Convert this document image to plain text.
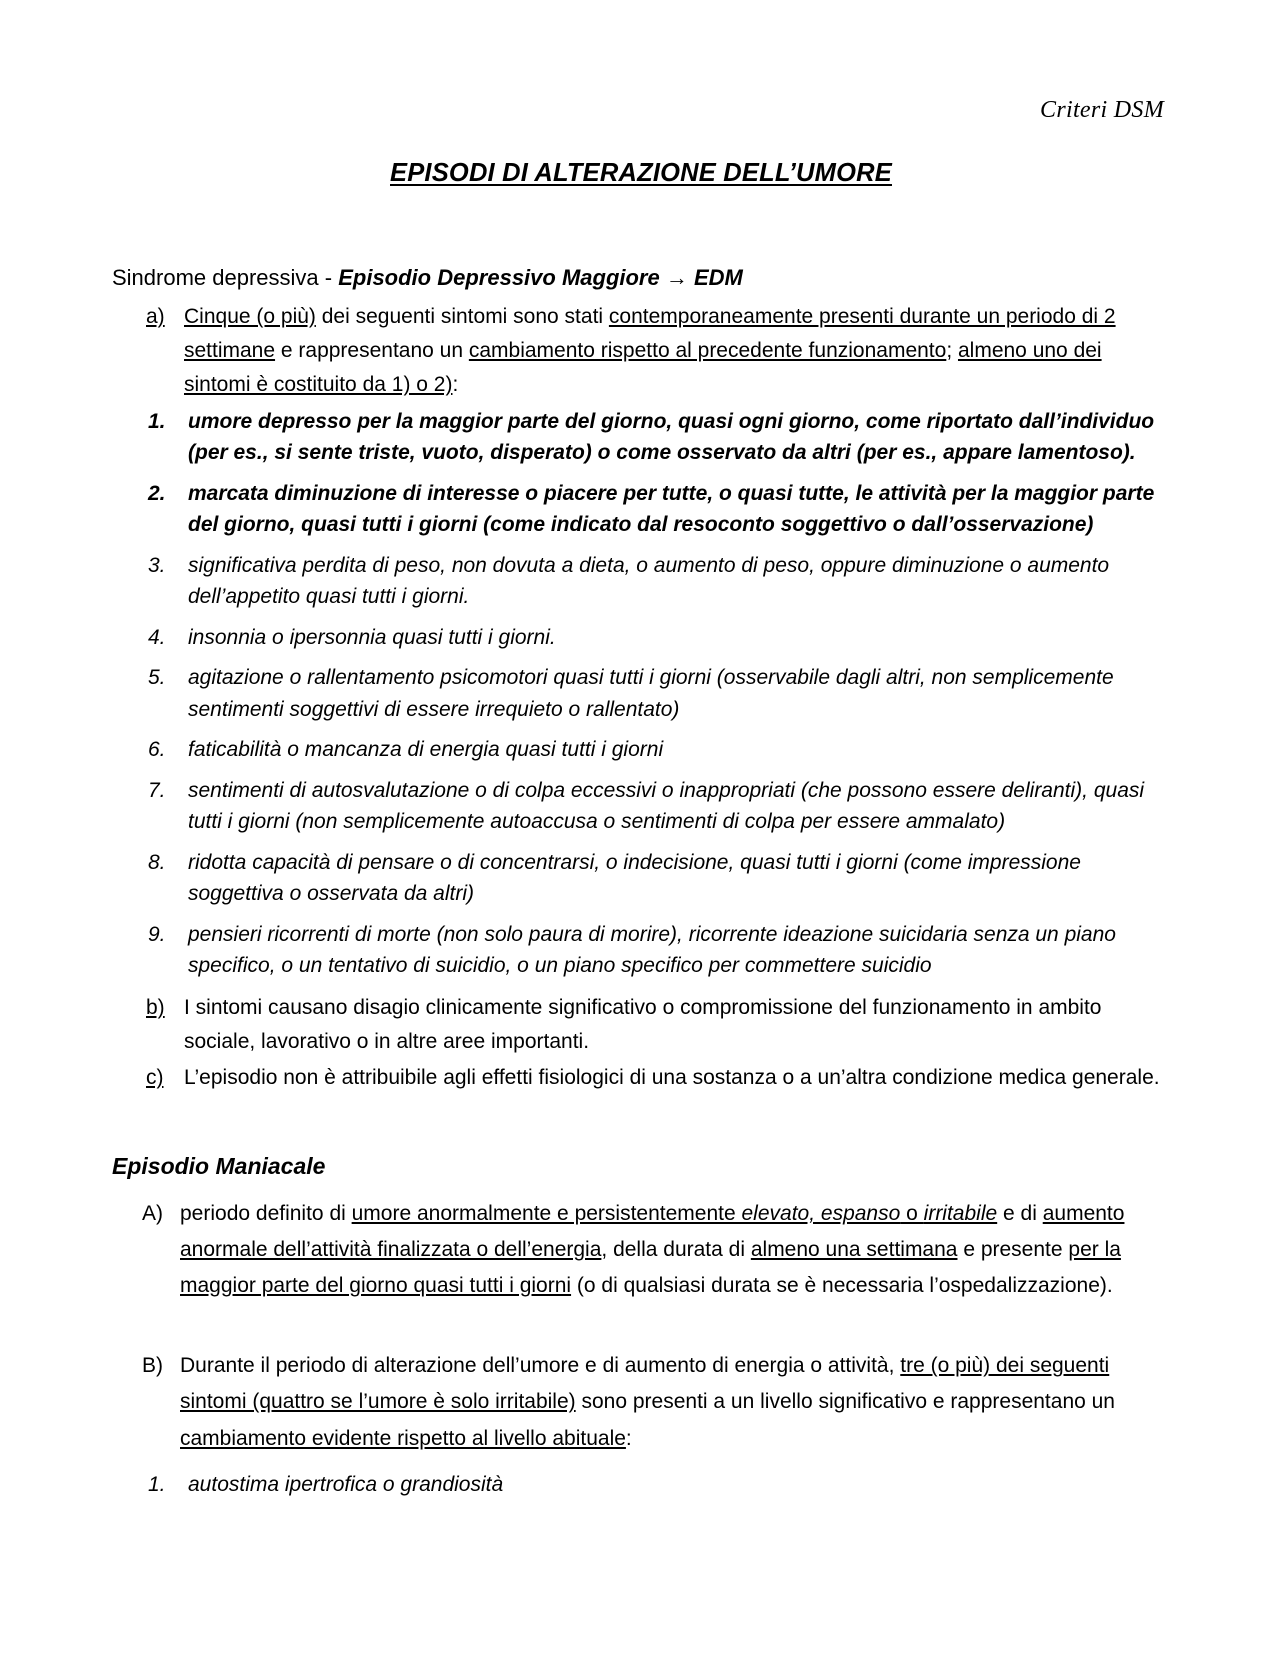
Criteri DSM
EPISODI DI ALTERAZIONE DELL’UMORE

Sindrome depressiva - Episodio Depressivo Maggiore → EDM

a) Cinque (o più) dei seguenti sintomi sono stati contemporaneamente presenti durante un periodo di 2 settimane e rappresentano un cambiamento rispetto al precedente funzionamento; almeno uno dei sintomi è costituito da 1) o 2):
1. umore depresso per la maggior parte del giorno, quasi ogni giorno, come riportato dall’individuo (per es., si sente triste, vuoto, disperato) o come osservato da altri (per es., appare lamentoso).
2. marcata diminuzione di interesse o piacere per tutte, o quasi tutte, le attività per la maggior parte del giorno, quasi tutti i giorni (come indicato dal resoconto soggettivo o dall’osservazione)
3. significativa perdita di peso, non dovuta a dieta, o aumento di peso, oppure diminuzione o aumento dell’appetito quasi tutti i giorni.
4. insonnia o ipersonnia quasi tutti i giorni.
5. agitazione o rallentamento psicomotori quasi tutti i giorni (osservabile dagli altri, non semplicemente sentimenti soggettivi di essere irrequieto o rallentato)
6. faticabilità o mancanza di energia quasi tutti i giorni
7. sentimenti di autosvalutazione o di colpa eccessivi o inappropriati (che possono essere deliranti), quasi tutti i giorni (non semplicemente autoaccusa o sentimenti di colpa per essere ammalato)
8. ridotta capacità di pensare o di concentrarsi, o indecisione, quasi tutti i giorni (come impressione soggettiva o osservata da altri)
9. pensieri ricorrenti di morte (non solo paura di morire), ricorrente ideazione suicidaria senza un piano specifico, o un tentativo di suicidio, o un piano specifico per commettere suicidio
b) I sintomi causano disagio clinicamente significativo o compromissione del funzionamento in ambito sociale, lavorativo o in altre aree importanti.
c) L’episodio non è attribuibile agli effetti fisiologici di una sostanza o a un’altra condizione medica generale.
Episodio Maniacale
A) periodo definito di umore anormalmente e persistentemente elevato, espanso o irritabile e di aumento anormale dell’attività finalizzata o dell’energia, della durata di almeno una settimana e presente per la maggior parte del giorno quasi tutti i giorni (o di qualsiasi durata se è necessaria l’ospedalizzazione).
B) Durante il periodo di alterazione dell’umore e di aumento di energia o attività, tre (o più) dei seguenti sintomi (quattro se l’umore è solo irritabile) sono presenti a un livello significativo e rappresentano un cambiamento evidente rispetto al livello abituale:
1. autostima ipertrofica o grandiosità
